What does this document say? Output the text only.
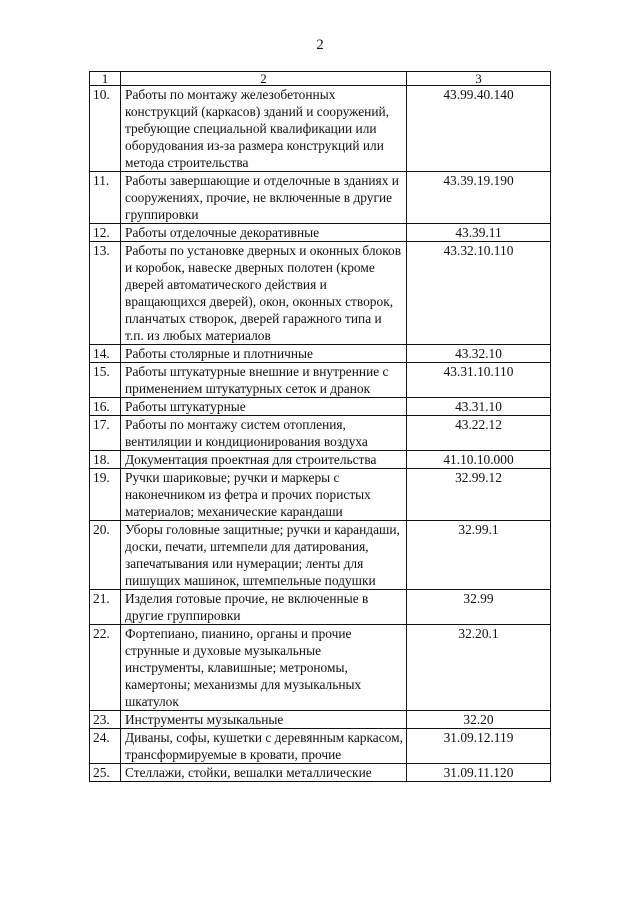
2
1	2	3
10.	Работы по монтажу железобетонных конструкций (каркасов) зданий и сооружений, требующие специальной квалификации или оборудования из-за размера конструкций или метода строительства	43.99.40.140
11.	Работы завершающие и отделочные в зданиях и сооружениях, прочие, не включенные в другие группировки	43.39.19.190
12.	Работы отделочные декоративные	43.39.11
13.	Работы по установке дверных и оконных блоков и коробок, навеске дверных полотен (кроме дверей автоматического действия и вращающихся дверей), окон, оконных створок, планчатых створок, дверей гаражного типа и т.п. из любых материалов	43.32.10.110
14.	Работы столярные и плотничные	43.32.10
15.	Работы штукатурные внешние и внутренние с применением штукатурных сеток и дранок	43.31.10.110
16.	Работы штукатурные	43.31.10
17.	Работы по монтажу систем отопления, вентиляции и кондиционирования воздуха	43.22.12
18.	Документация проектная для строительства	41.10.10.000
19.	Ручки шариковые; ручки и маркеры с наконечником из фетра и прочих пористых материалов; механические карандаши	32.99.12
20.	Уборы головные защитные; ручки и карандаши, доски, печати, штемпели для датирования, запечатывания или нумерации; ленты для пишущих машинок, штемпельные подушки	32.99.1
21.	Изделия готовые прочие, не включенные в другие группировки	32.99
22.	Фортепиано, пианино, органы и прочие струнные и духовые музыкальные инструменты, клавишные; метрономы, камертоны; механизмы для музыкальных шкатулок	32.20.1
23.	Инструменты музыкальные	32.20
24.	Диваны, софы, кушетки с деревянным каркасом, трансформируемые в кровати, прочие	31.09.12.119
25.	Стеллажи, стойки, вешалки металлические	31.09.11.120
